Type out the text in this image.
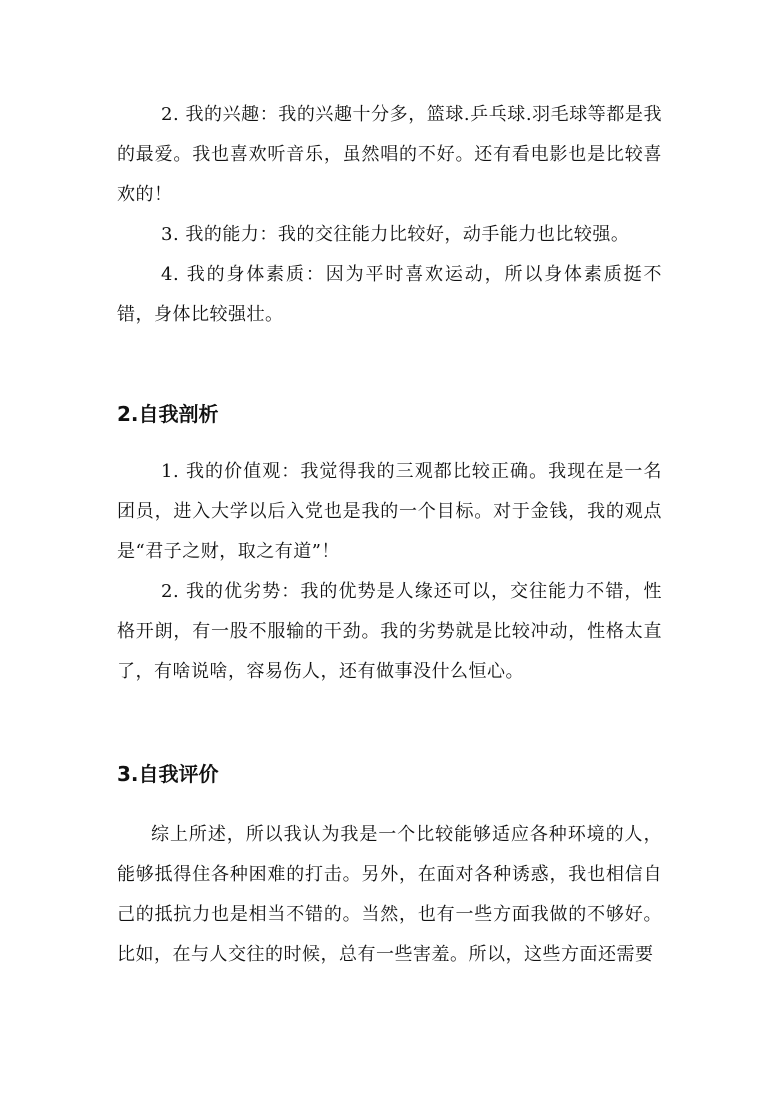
2. 我的兴趣：我的兴趣十分多，篮球.乒乓球.羽毛球等都是我的最爱。我也喜欢听音乐，虽然唱的不好。还有看电影也是比较喜欢的！

3. 我的能力：我的交往能力比较好，动手能力也比较强。

4. 我的身体素质：因为平时喜欢运动，所以身体素质挺不错，身体比较强壮。

2.自我剖析

1. 我的价值观：我觉得我的三观都比较正确。我现在是一名团员，进入大学以后入党也是我的一个目标。对于金钱，我的观点是“君子之财，取之有道”！

2. 我的优劣势：我的优势是人缘还可以，交往能力不错，性格开朗，有一股不服输的干劲。我的劣势就是比较冲动，性格太直了，有啥说啥，容易伤人，还有做事没什么恒心。

3.自我评价

综上所述，所以我认为我是一个比较能够适应各种环境的人，能够抵得住各种困难的打击。另外，在面对各种诱惑，我也相信自己的抵抗力也是相当不错的。当然，也有一些方面我做的不够好。比如，在与人交往的时候，总有一些害羞。所以，这些方面还需要
